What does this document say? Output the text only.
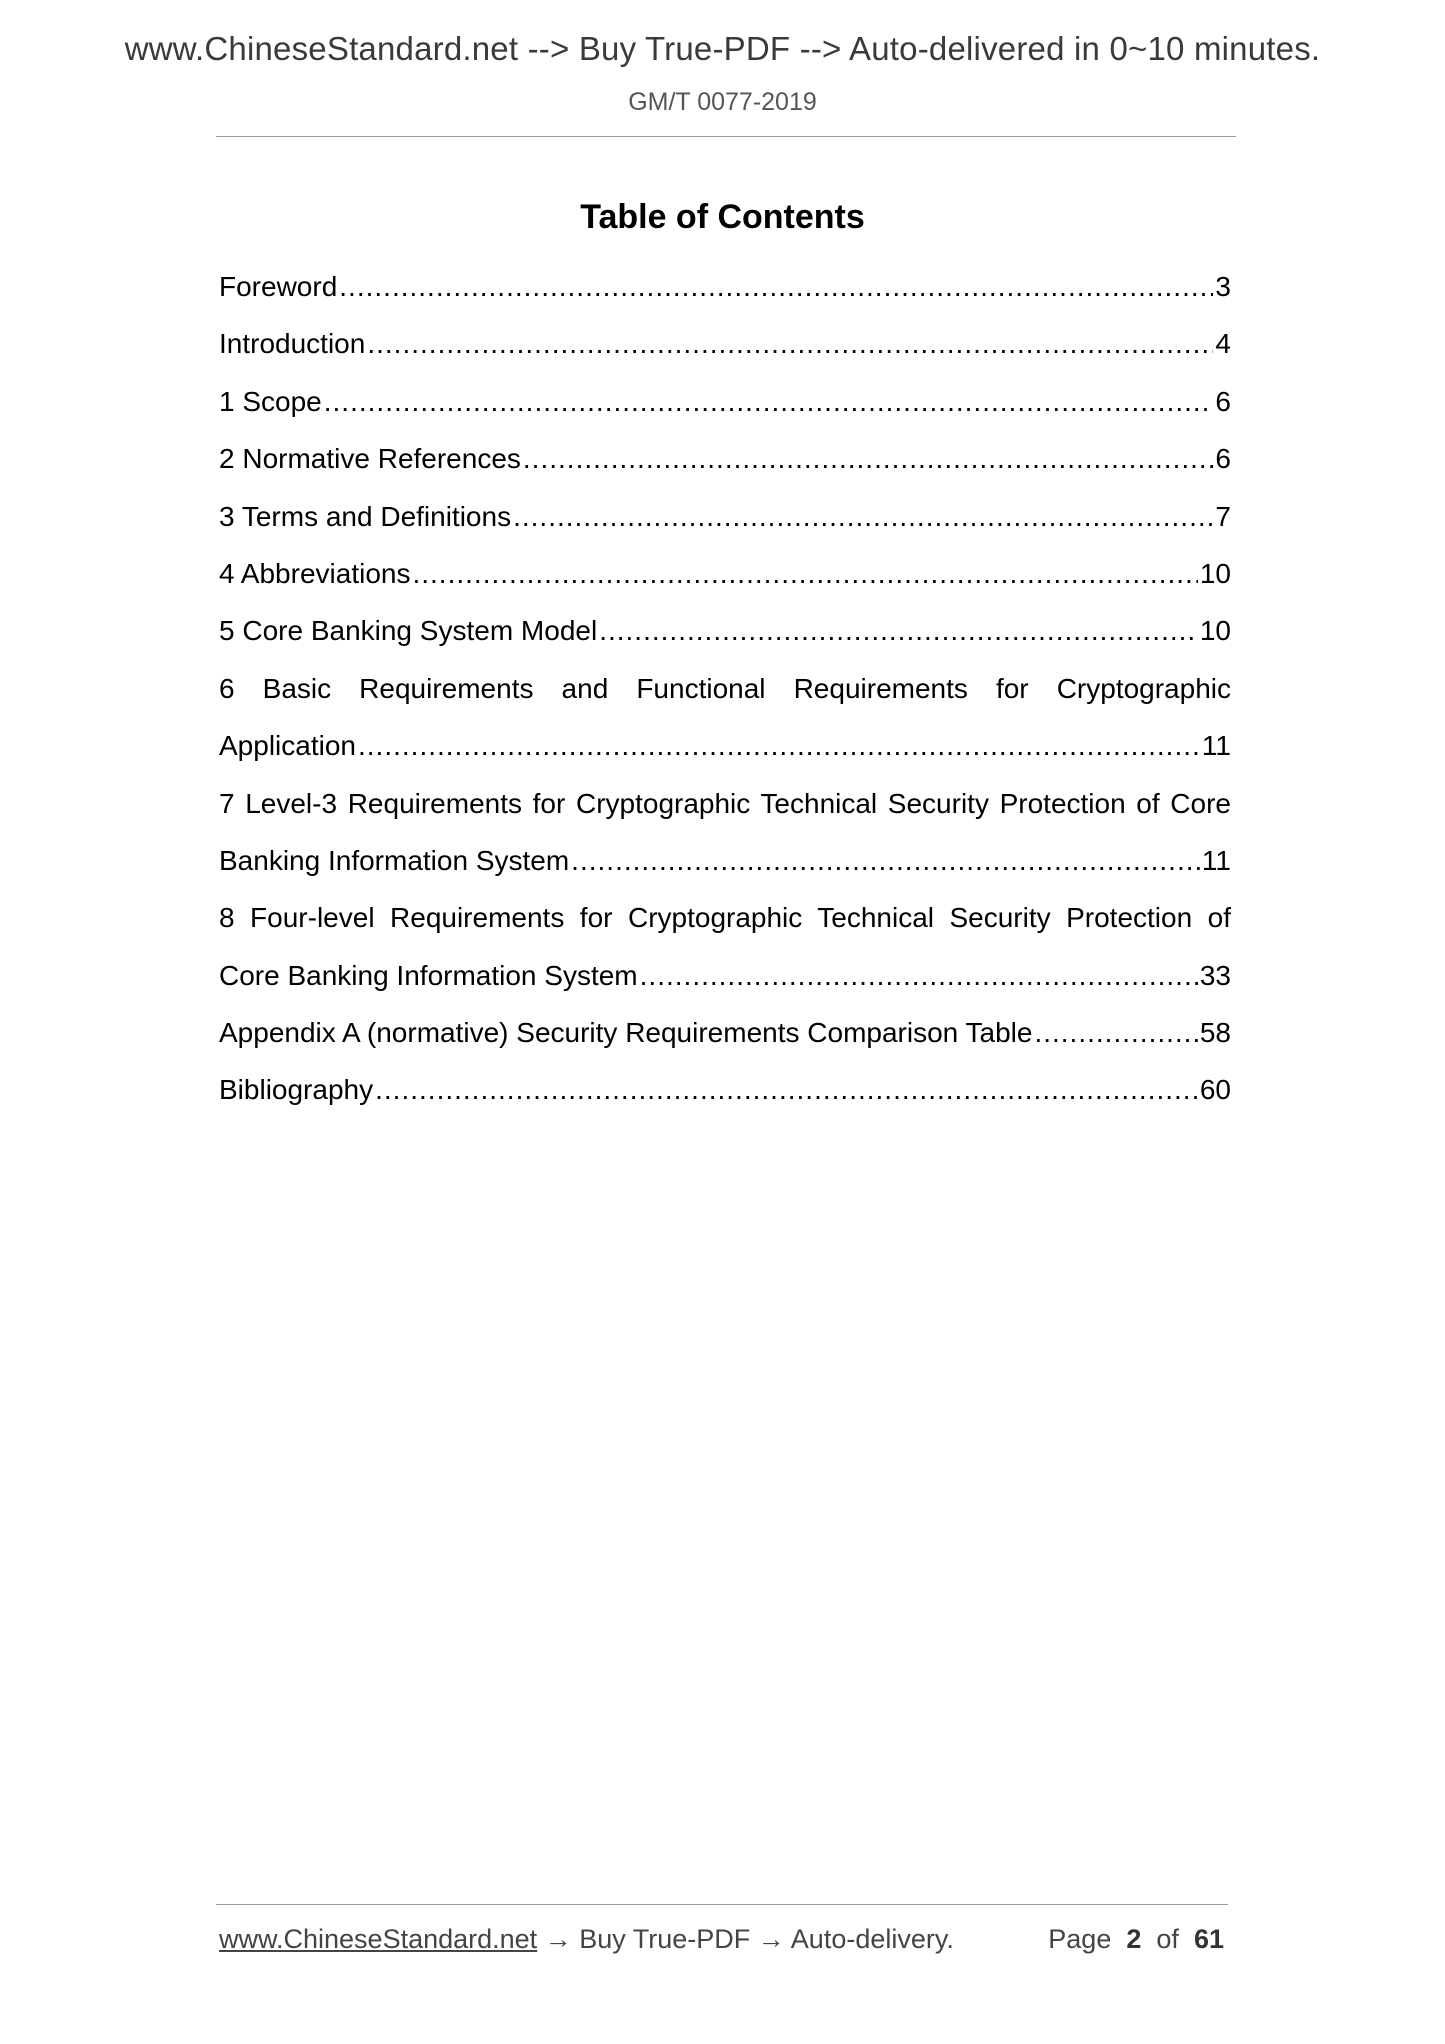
www.ChineseStandard.net --> Buy True-PDF --> Auto-delivered in 0~10 minutes.
GM/T 0077-2019
Table of Contents
Foreword .....	3
Introduction .....	4
1 Scope .....	6
2 Normative References .....	6
3 Terms and Definitions .....	7
4 Abbreviations .....	10
5 Core Banking System Model .....	10
6 Basic Requirements and Functional Requirements for Cryptographic
Application .....	11
7 Level-3 Requirements for Cryptographic Technical Security Protection of Core
Banking Information System .....	11
8 Four-level Requirements for Cryptographic Technical Security Protection of
Core Banking Information System .....	33
Appendix A (normative) Security Requirements Comparison Table .....	58
Bibliography .....	60
www.ChineseStandard.net → Buy True-PDF → Auto-delivery.	Page 2 of 61
